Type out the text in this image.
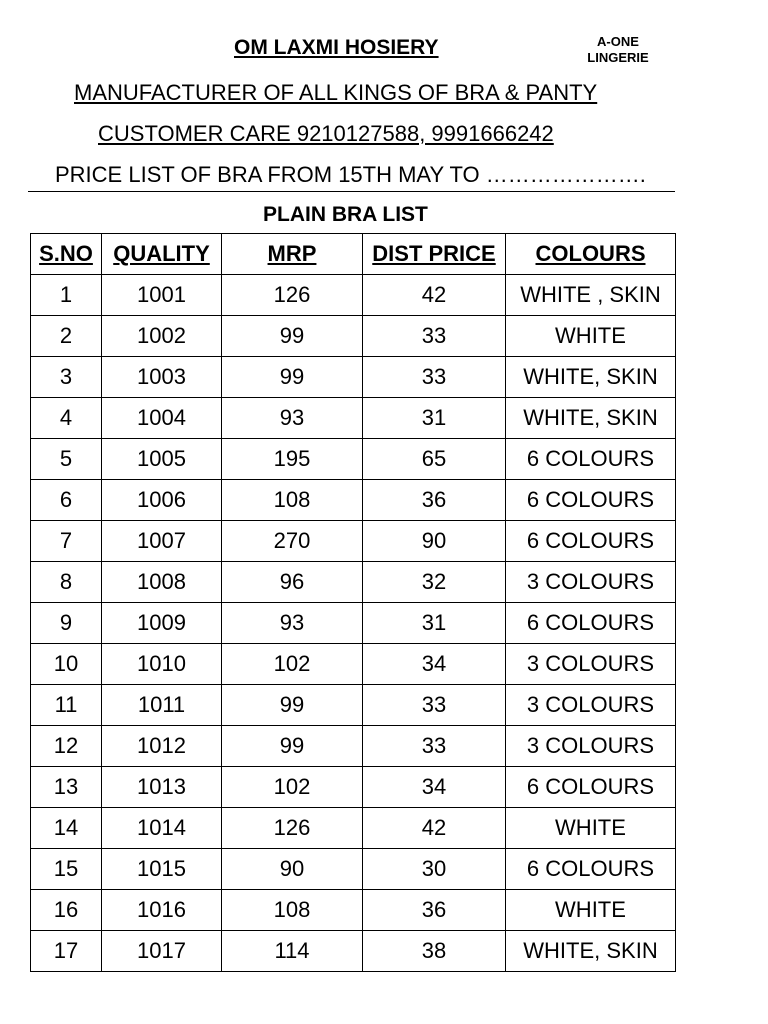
OM LAXMI HOSIERY	A-ONE
LINGERIE
MANUFACTURER OF ALL KINGS OF BRA & PANTY
CUSTOMER CARE 9210127588, 9991666242
PRICE LIST OF BRA FROM 15TH MAY TO ………………….
PLAIN BRA LIST
S.NO	QUALITY	MRP	DIST PRICE	COLOURS
1	1001	126	42	WHITE , SKIN
2	1002	99	33	WHITE
3	1003	99	33	WHITE, SKIN
4	1004	93	31	WHITE, SKIN
5	1005	195	65	6 COLOURS
6	1006	108	36	6 COLOURS
7	1007	270	90	6 COLOURS
8	1008	96	32	3 COLOURS
9	1009	93	31	6 COLOURS
10	1010	102	34	3 COLOURS
11	1011	99	33	3 COLOURS
12	1012	99	33	3 COLOURS
13	1013	102	34	6 COLOURS
14	1014	126	42	WHITE
15	1015	90	30	6 COLOURS
16	1016	108	36	WHITE
17	1017	114	38	WHITE, SKIN
